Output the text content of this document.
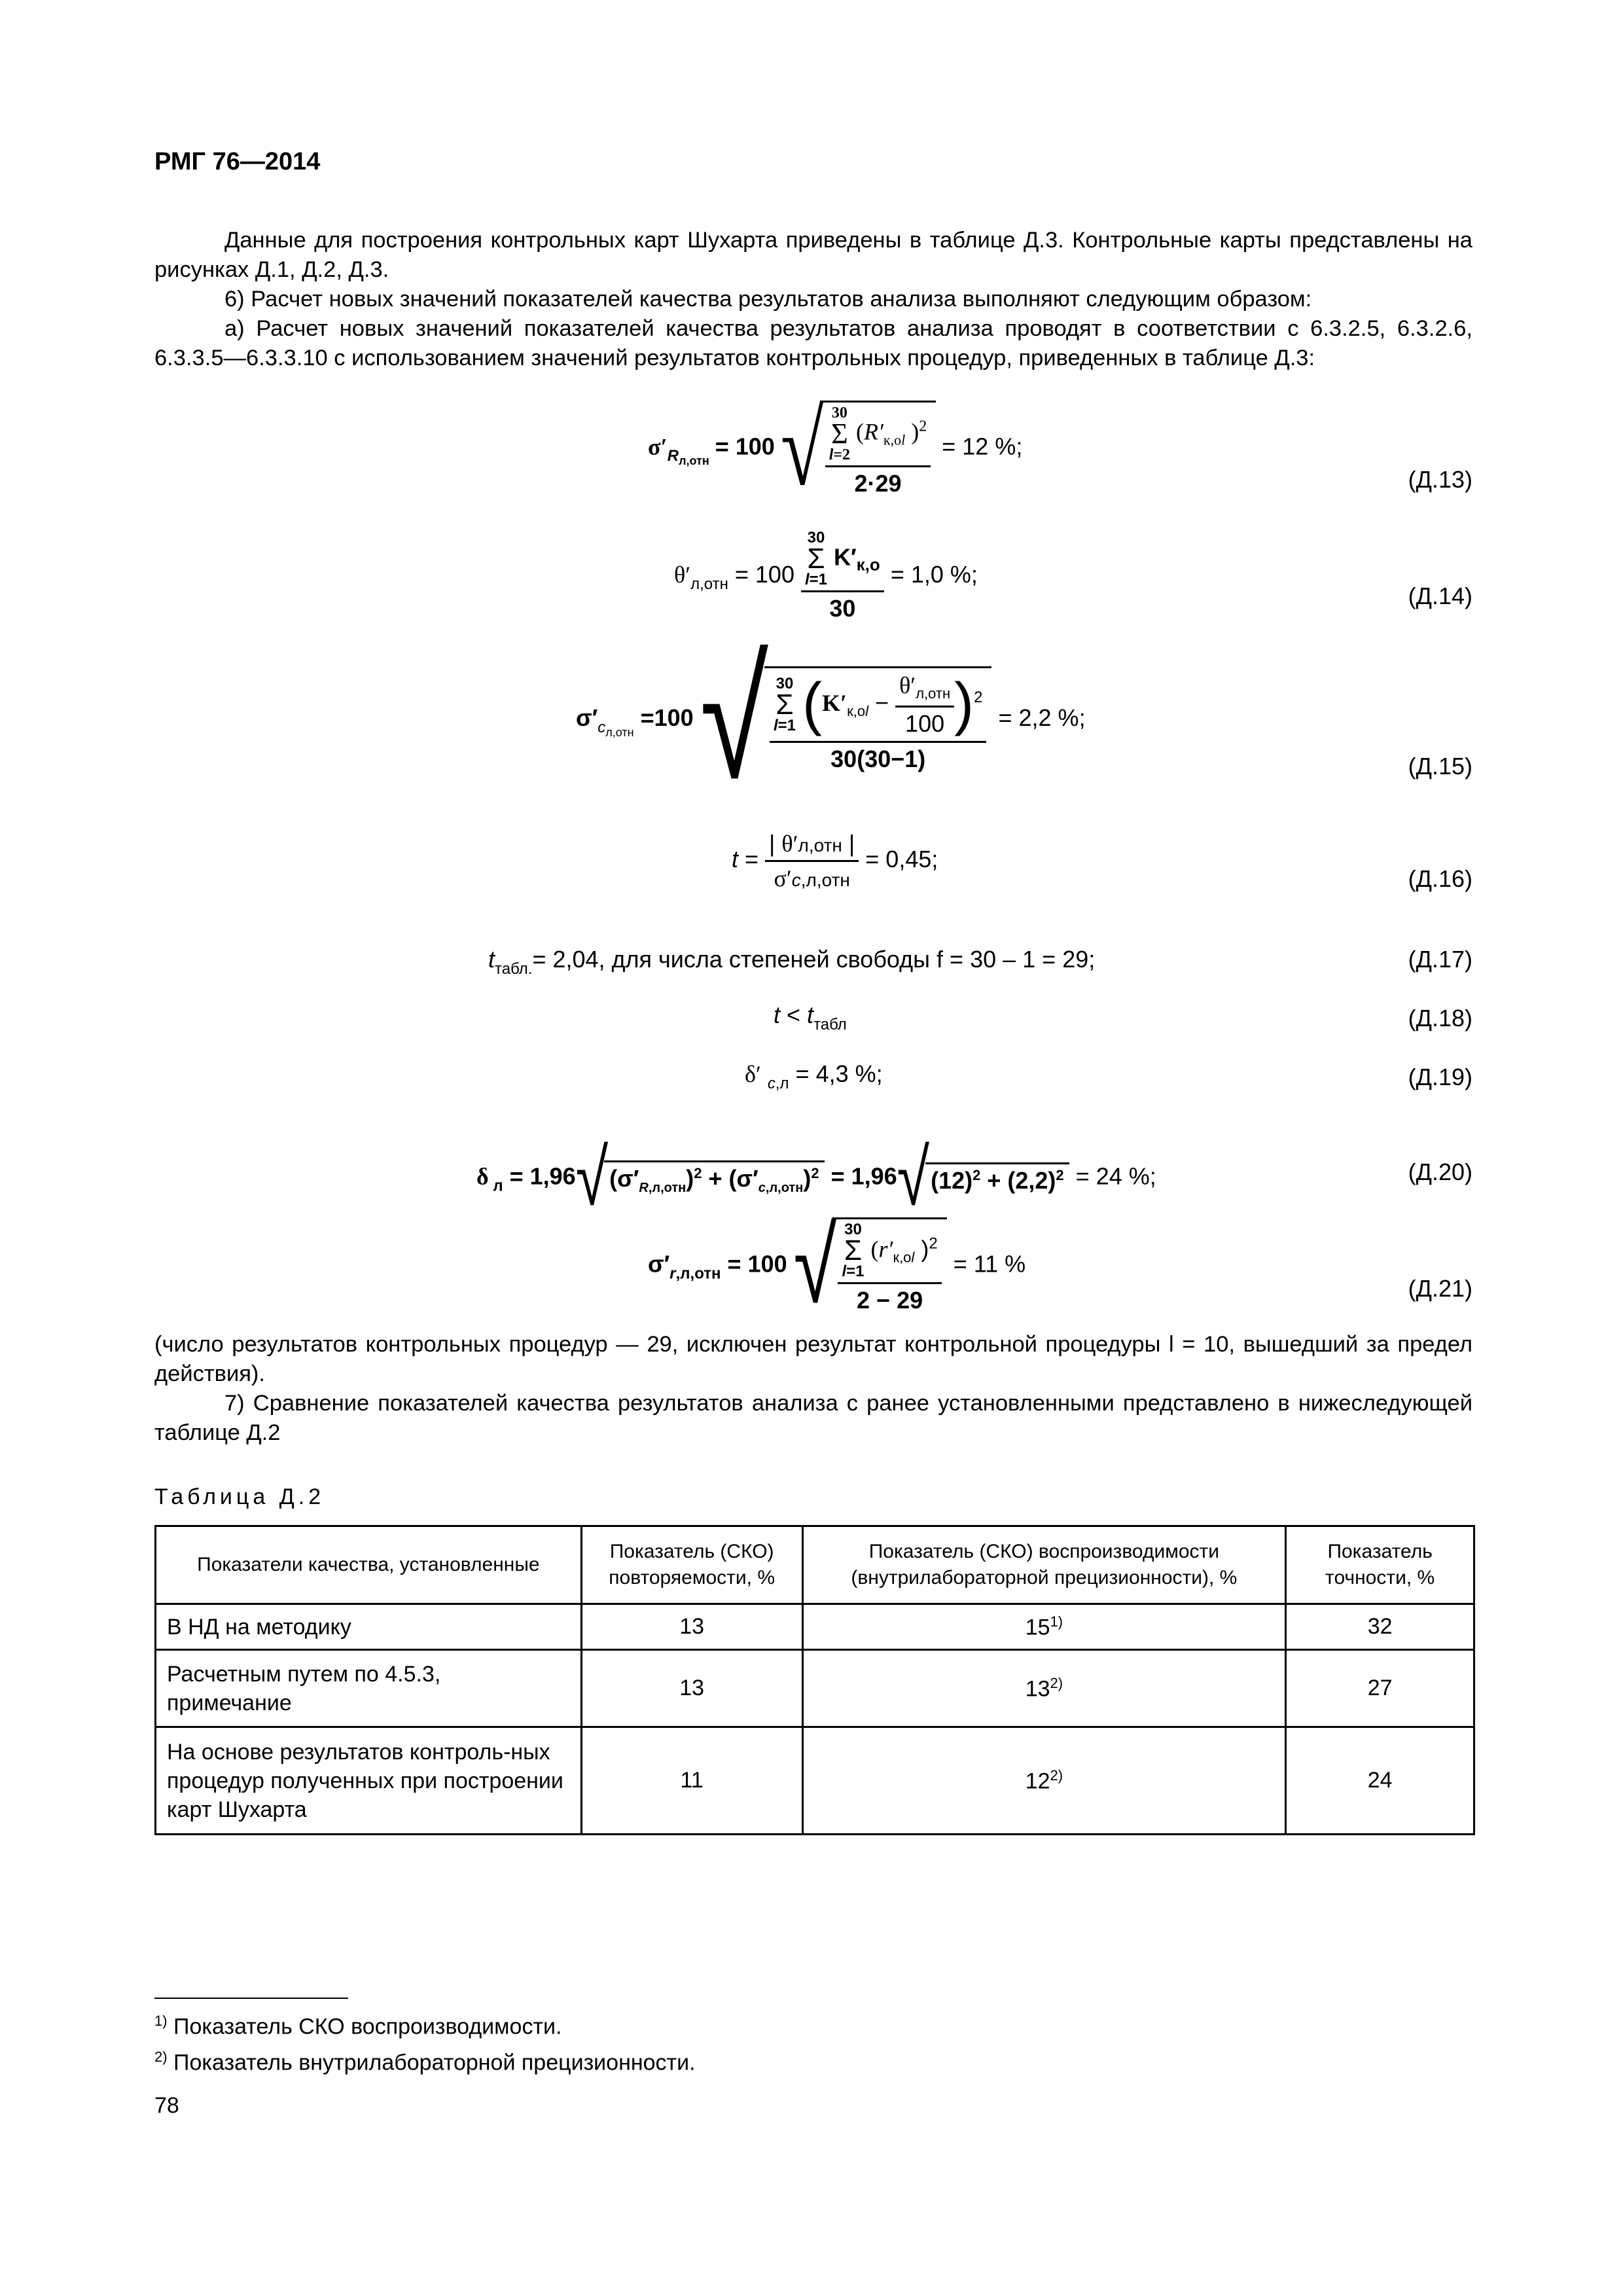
РМГ 76—2014
Данные для построения контрольных карт Шухарта приведены в таблице Д.3. Контрольные карты представлены на рисунках Д.1, Д.2, Д.3.
6) Расчет новых значений показателей качества результатов анализа выполняют следующим образом:
а) Расчет новых значений показателей качества результатов анализа проводят в соответствии с 6.3.2.5, 6.3.2.6, 6.3.3.5—6.3.3.10 с использованием значений результатов контрольных процедур, приведенных в таблице Д.3:
$\sigma'_{R_{л,отн}} = 100$ √ 30
Σ
l=2
($R'_{к,оl}$ )$^2$
2·29 = 12 %;
(Д.13)
$\theta'_{л,отн} = 100$ 30
Σ
l=1
$K'_{к,о}$
30 = 1,0 %;
(Д.14)
$\sigma'_{c_{л,отн}} =100$ √ 30
Σ
l=1 $(K'_{к,оl} - \frac{\theta'_{л,отн}}{100} )^2$
30(30−1) = 2,2 %;
(Д.15)
$t = \frac{\text{| θ′л,отн |}}{\text{σ′с,л,отн}} = 0,45$;
(Д.16)
$t_{табл.}= 2,04$, для числа степеней свободы f = 30 – 1 = 29;	(Д.17)
$t < t_{табл}$	(Д.18)
δ′ $_{с,л}$ = 4,3 %;	(Д.19)
δ $_л = 1,96√(\sigma'_{R,л,отн})^2 + (\sigma'_{c,л,отн})^2 = 1,96√(12)^2 + (2,2)^2 = 24$ %;	(Д.20)
$\sigma'_{r,л,отн} = 100$ √ 30
Σ
l=1
($r'_{к,оl}$ )$^2$
2 − 29 = 11 %
(Д.21)
(число результатов контрольных процедур — 29, исключен результат контрольной процедуры l = 10, вышедший за предел действия).
7) Сравнение показателей качества результатов анализа с ранее установленными представлено в нижеследующей таблице Д.2
Таблица Д.2
Показатели качества, установленные	Показатель (СКО) повторяемости, %	Показатель (СКО) воспроизводимости (внутрилабораторной прецизионности), %	Показатель точности, %
В НД на методику	13	15$^{1)}$	32
Расчетным путем по 4.5.3, примечание	13	13$^{2)}$	27
На основе результатов контроль-ных процедур полученных при построении карт Шухарта	11	12$^{2)}$	24
$^{1)}$ Показатель СКО воспроизводимости.
$^{2)}$ Показатель внутрилабораторной прецизионности.
78
